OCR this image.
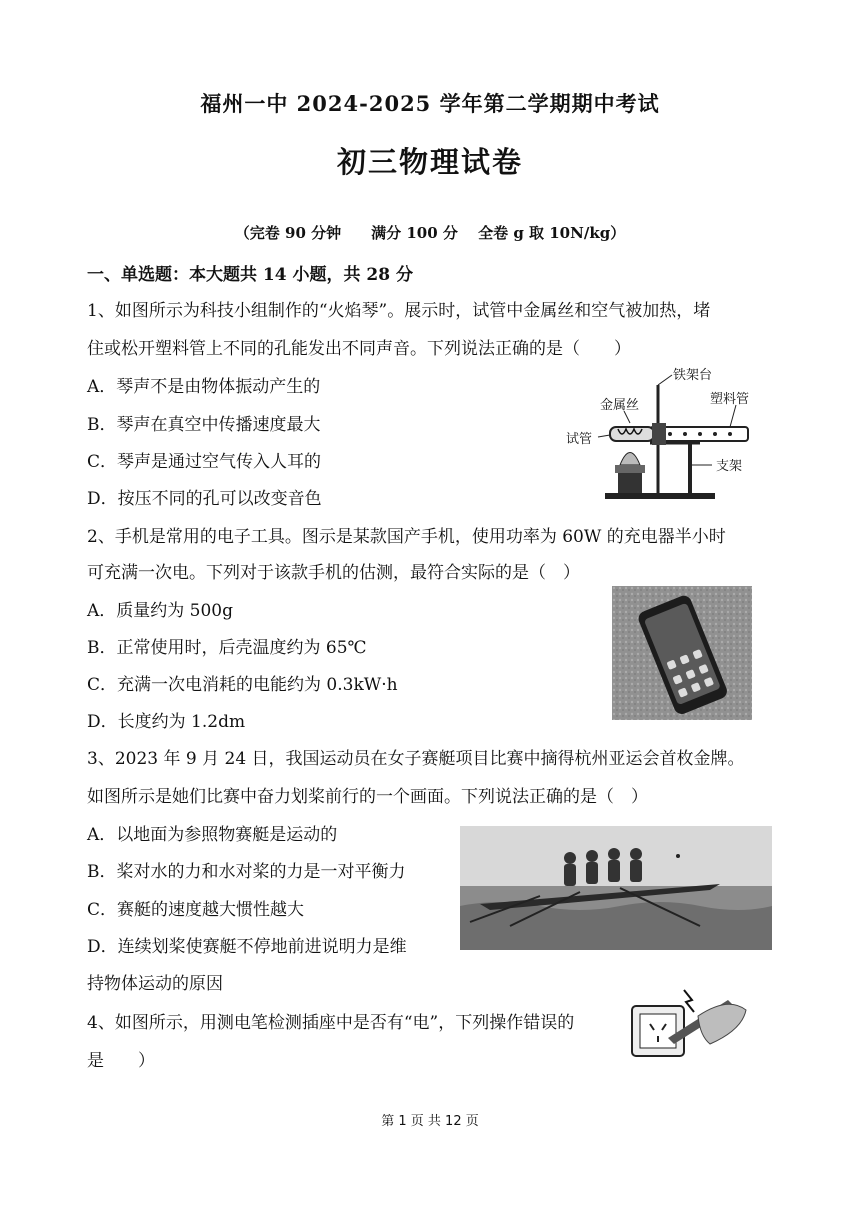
福州一中 2024-2025 学年第二学期期中考试
初三物理试卷
（完卷 90 分钟　　满分 100 分　 全卷 g 取 10N/kg）
一、单选题：本大题共 14 小题，共 28 分
1、如图所示为科技小组制作的“火焰琴”。展示时，试管中金属丝和空气被加热，堵
住或松开塑料管上不同的孔能发出不同声音。下列说法正确的是（　　）
A．琴声不是由物体振动产生的
B．琴声在真空中传播速度最大
C．琴声是通过空气传入人耳的
D．按压不同的孔可以改变音色
铁架台
金属丝	塑料管
试管
支架
2、手机是常用的电子工具。图示是某款国产手机，使用功率为 60W 的充电器半小时
可充满一次电。下列对于该款手机的估测，最符合实际的是（　）
A．质量约为 500g
B．正常使用时，后壳温度约为 65℃
C．充满一次电消耗的电能约为 0.3kW·h
D．长度约为 1.2dm
3、2023 年 9 月 24 日，我国运动员在女子赛艇项目比赛中摘得杭州亚运会首枚金牌。
如图所示是她们比赛中奋力划桨前行的一个画面。下列说法正确的是（　）
A．以地面为参照物赛艇是运动的
B．桨对水的力和水对桨的力是一对平衡力
C．赛艇的速度越大惯性越大
D．连续划桨使赛艇不停地前进说明力是维
持物体运动的原因
4、如图所示，用测电笔检测插座中是否有“电”，下列操作错误的
是　　）
第 1 页 共 12 页
